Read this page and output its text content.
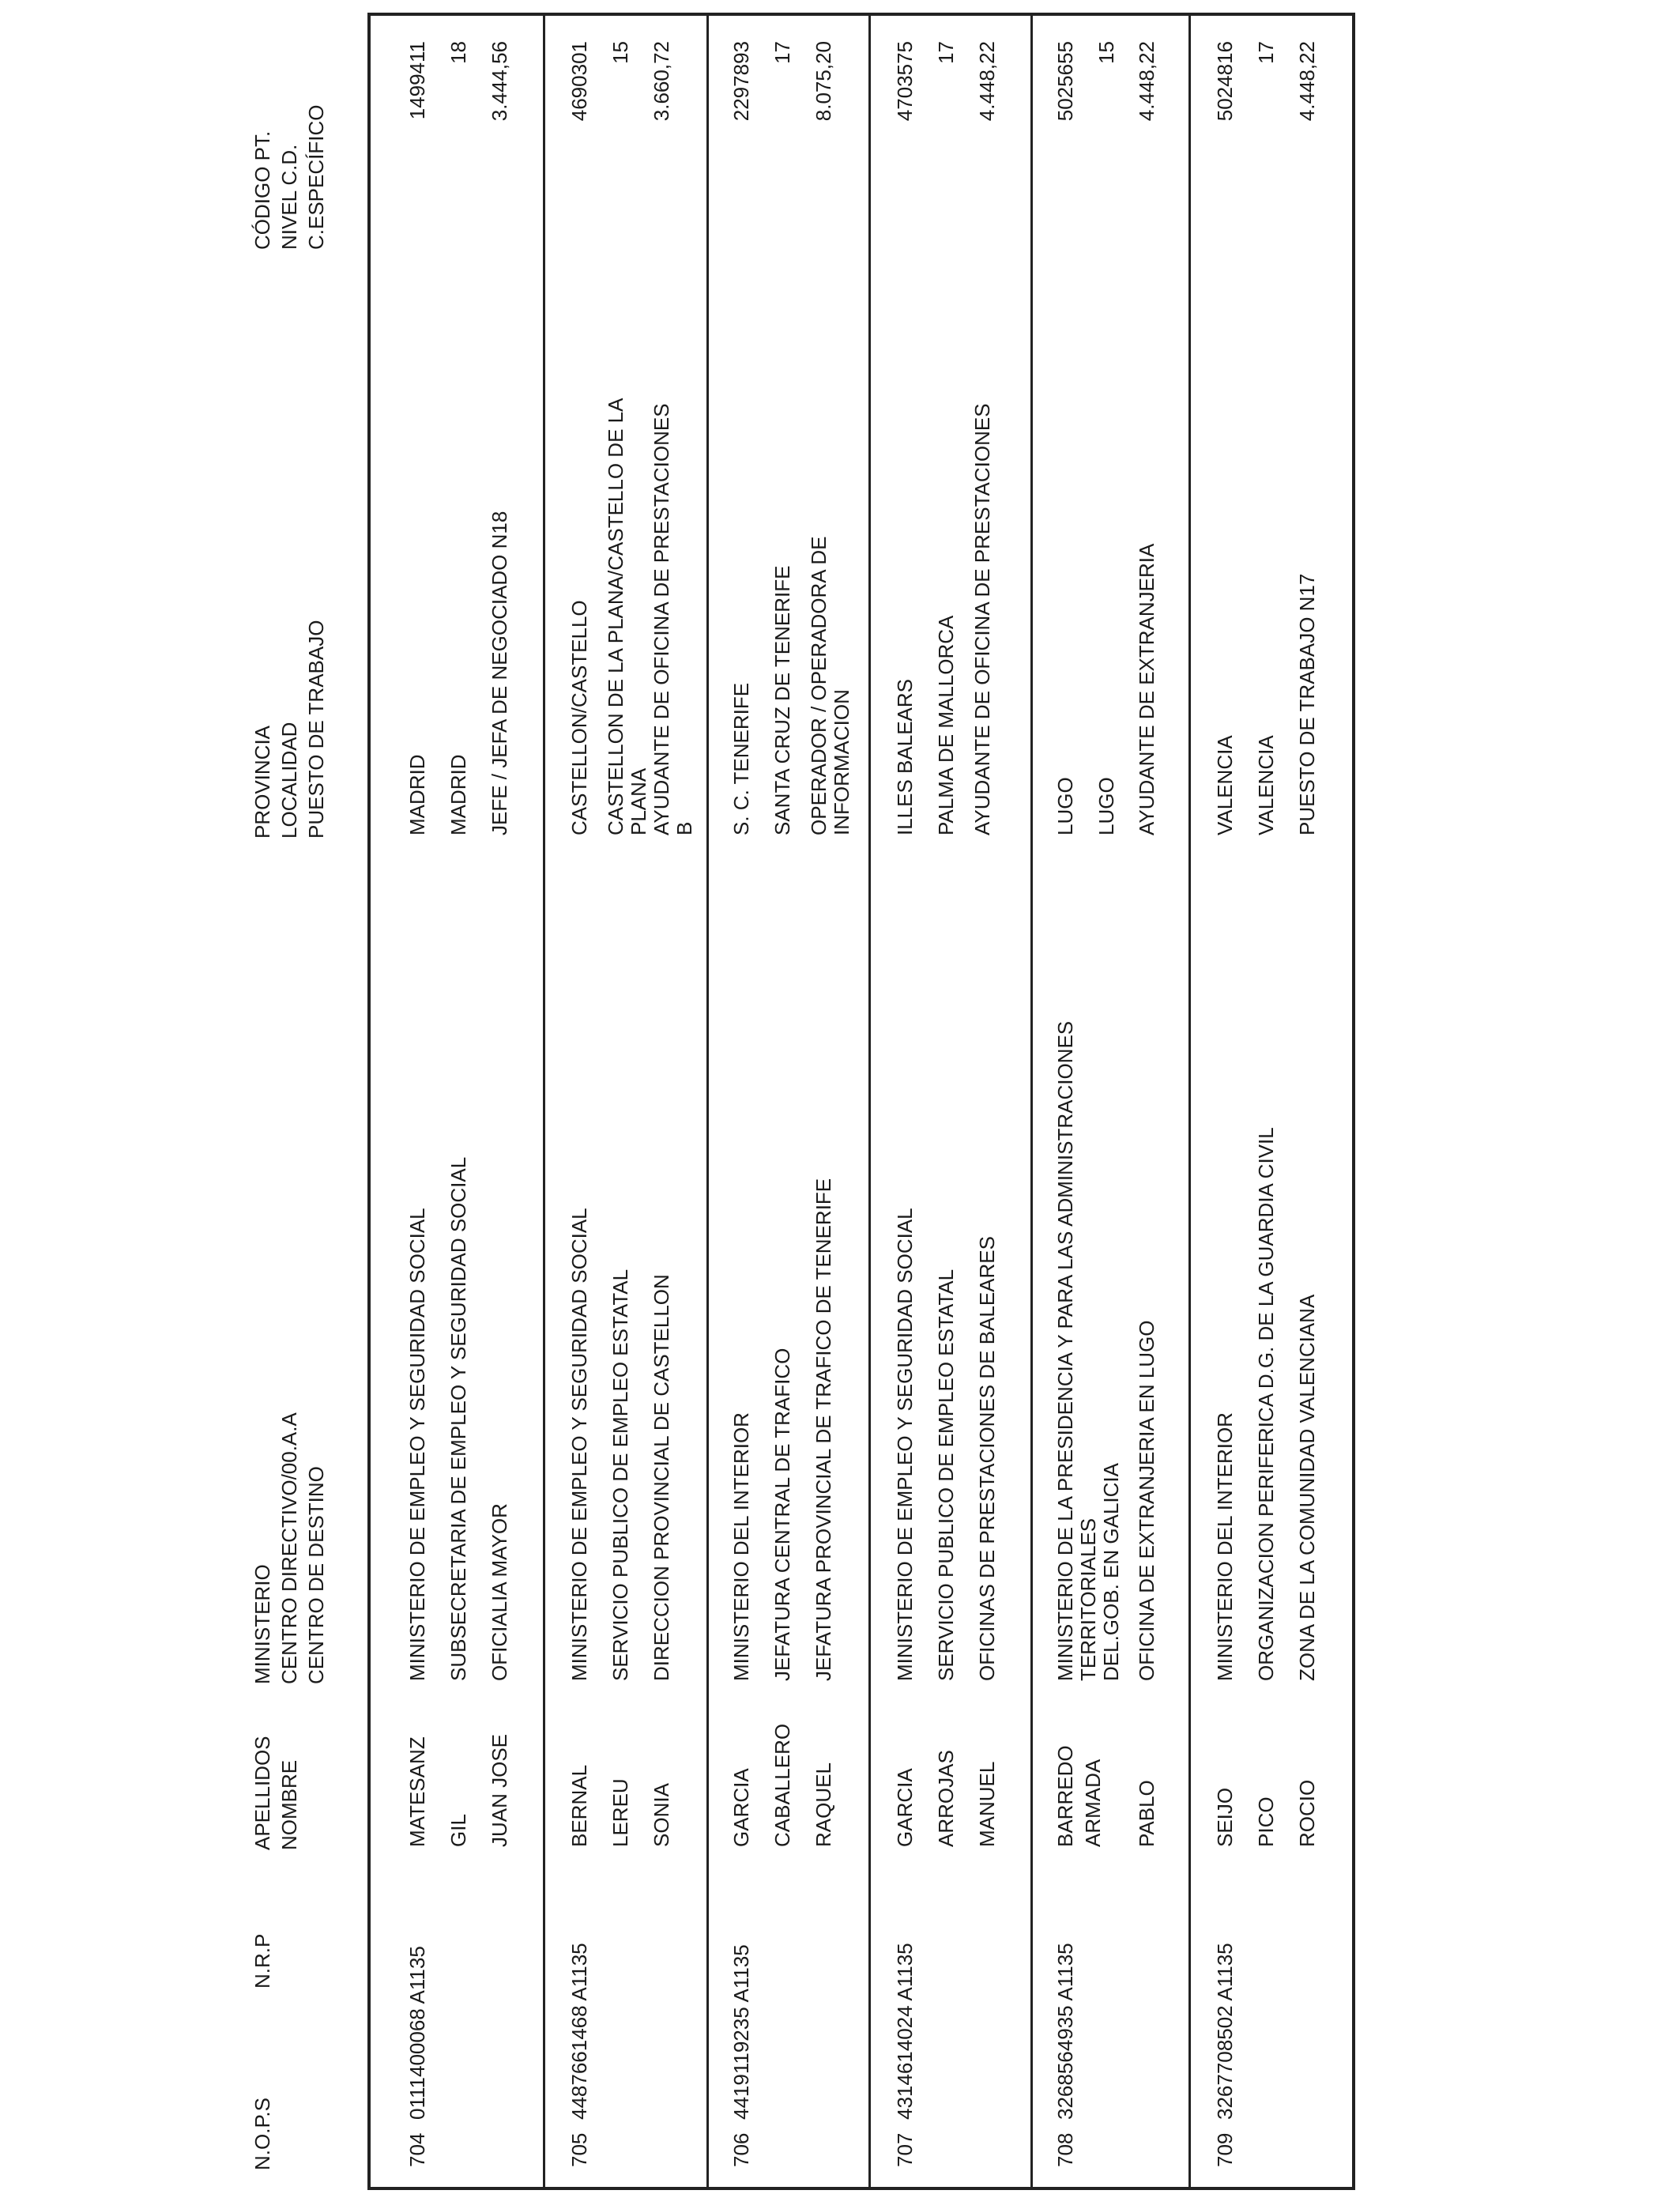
N.O.P.S
N.R.P
APELLIDOS NOMBRE
MINISTERIO CENTRO DIRECTIVO/00.A.A CENTRO DE DESTINO
PROVINCIA LOCALIDAD PUESTO DE TRABAJO
CÓDIGO PT. NIVEL C.D. C.ESPECÍFICO
704
0111400068 A1135
MATESANZ GIL JUAN JOSE
MINISTERIO DE EMPLEO Y SEGURIDAD SOCIAL SUBSECRETARIA DE EMPLEO Y SEGURIDAD SOCIAL OFICIALIA MAYOR
MADRID MADRID JEFE / JEFA DE NEGOCIADO N18
1499411 18 3.444,56
705
4487661468 A1135
BERNAL LEREU SONIA
MINISTERIO DE EMPLEO Y SEGURIDAD SOCIAL SERVICIO PUBLICO DE EMPLEO ESTATAL DIRECCION PROVINCIAL DE CASTELLON
CASTELLON/CASTELLO CASTELLON DE LA PLANA/CASTELLO DE LA PLANA AYUDANTE DE OFICINA DE PRESTACIONES B
4690301 15 3.660,72
706
4419119235 A1135
GARCIA CABALLERO RAQUEL
MINISTERIO DEL INTERIOR JEFATURA CENTRAL DE TRAFICO JEFATURA PROVINCIAL DE TRAFICO DE TENERIFE
S. C. TENERIFE SANTA CRUZ DE TENERIFE OPERADOR / OPERADORA DE INFORMACION
2297893 17 8.075,20
707
4314614024 A1135
GARCIA ARROJAS MANUEL
MINISTERIO DE EMPLEO Y SEGURIDAD SOCIAL SERVICIO PUBLICO DE EMPLEO ESTATAL OFICINAS DE PRESTACIONES DE BALEARES
ILLES BALEARS PALMA DE MALLORCA AYUDANTE DE OFICINA DE PRESTACIONES
4703575 17 4.448,22
708
3268564935 A1135
BARREDO ARMADA PABLO
MINISTERIO DE LA PRESIDENCIA Y PARA LAS ADMINISTRACIONES TERRITORIALES DEL.GOB. EN GALICIA OFICINA DE EXTRANJERIA EN LUGO
LUGO LUGO AYUDANTE DE EXTRANJERIA
5025655 15 4.448,22
709
3267708502 A1135
SEIJO PICO ROCIO
MINISTERIO DEL INTERIOR ORGANIZACION PERIFERICA D.G. DE LA GUARDIA CIVIL ZONA DE LA COMUNIDAD VALENCIANA
VALENCIA VALENCIA PUESTO DE TRABAJO N17
5024816 17 4.448,22
